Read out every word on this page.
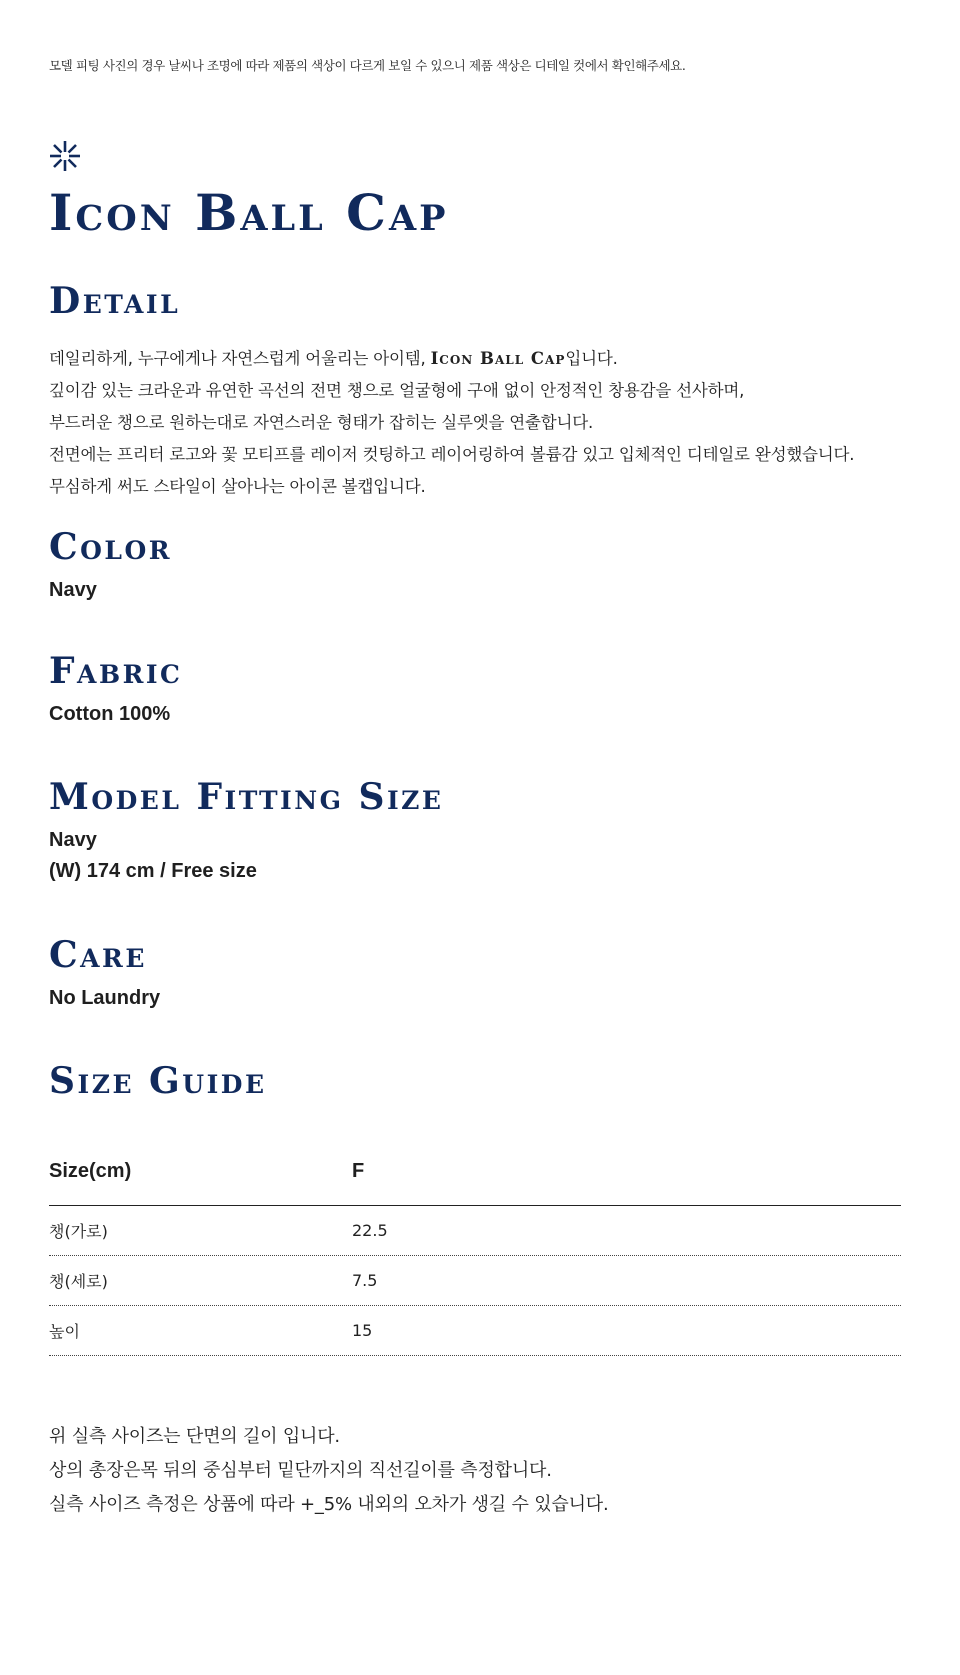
모델 피팅 사진의 경우 날씨나 조명에 따라 제품의 색상이 다르게 보일 수 있으니 제품 색상은 디테일 컷에서 확인해주세요.
Icon Ball Cap
Detail
데일리하게, 누구에게나 자연스럽게 어울리는 아이템, Icon Ball Cap입니다.
깊이감 있는 크라운과 유연한 곡선의 전면 챙으로 얼굴형에 구애 없이 안정적인 창용감을 선사하며,
부드러운 챙으로 원하는대로 자연스러운 형태가 잡히는 실루엣을 연출합니다.
전면에는 프리터 로고와 꽃 모티프를 레이저 컷팅하고 레이어링하여 볼륨감 있고 입체적인 디테일로 완성했습니다.
무심하게 써도 스타일이 살아나는 아이콘 볼캡입니다.
Color
Navy
Fabric
Cotton 100%
Model Fitting Size
Navy
(W) 174 cm / Free size
Care
No Laundry
Size Guide
Size(cm)	F
챙(가로)	22.5
챙(세로)	7.5
높이	15
위 실측 사이즈는 단면의 길이 입니다.
상의 총장은목 뒤의 중심부터 밑단까지의 직선길이를 측정합니다.
실측 사이즈 측정은 상품에 따라 +_5% 내외의 오차가 생길 수 있습니다.
